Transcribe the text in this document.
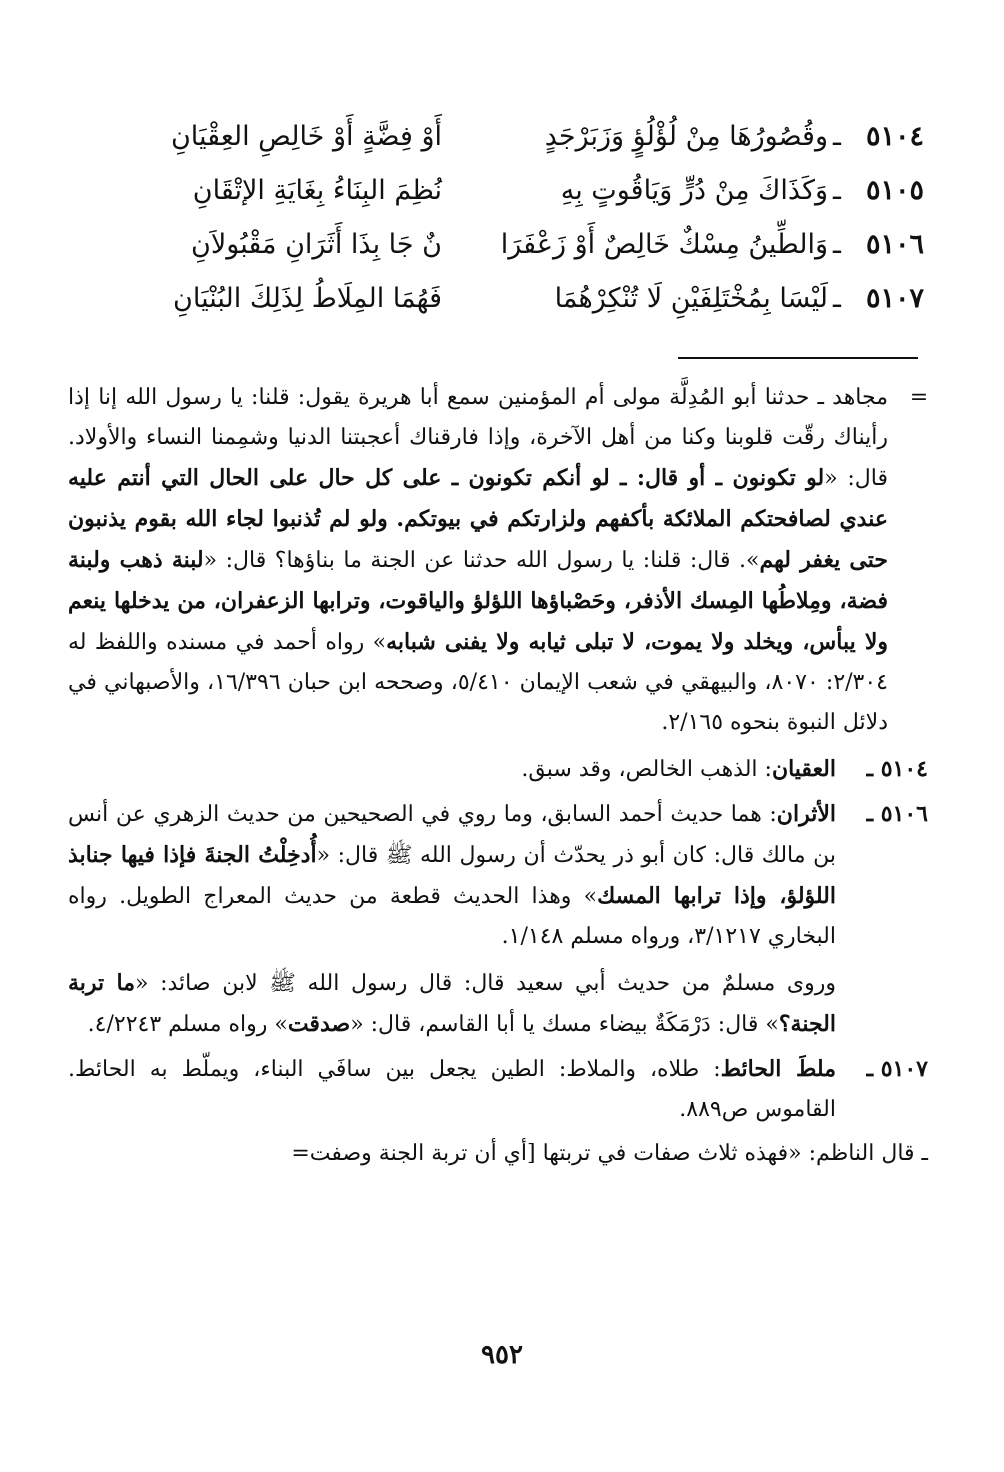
٥١٠٤
ـ
وقُصُورُهَا مِنْ لُؤْلُؤٍ وَزَبَرْجَدٍ
أَوْ فِضَّةٍ أَوْ خَالِصِ العِقْيَانِ
٥١٠٥
ـ
وَكَذَاكَ مِنْ دُرٍّ وَيَاقُوتٍ بِهِ
نُظِمَ البِنَاءُ بِغَايَةِ الإتْقَانِ
٥١٠٦
ـ
وَالطِّينُ مِسْكٌ خَالِصٌ أَوْ زَعْفَرَا
نٌ جَا بِذَا أَثَرَانِ مَقْبُولاَنِ
٥١٠٧
ـ
لَيْسَا بِمُخْتَلِفَيْنِ لَا تُنْكِرْهُمَا
فَهُمَا المِلَاطُ لِذَلِكَ البُنْيَانِ

=
مجاهد ـ حدثنا أبو المُدِلَّة مولى أم المؤمنين سمع أبا هريرة يقول: قلنا: يا رسول الله إنا إذا رأيناك رقّت قلوبنا وكنا من أهل الآخرة، وإذا فارقناك أعجبتنا الدنيا وشمِمنا النساء والأولاد. قال: «لو تكونون ـ أو قال: ـ لو أنكم تكونون ـ على كل حال على الحال التي أنتم عليه عندي لصافحتكم الملائكة بأكفهم ولزارتكم في بيوتكم. ولو لم تُذنبوا لجاء الله بقوم يذنبون حتى يغفر لهم». قال: قلنا: يا رسول الله حدثنا عن الجنة ما بناؤها؟ قال: «لبنة ذهب ولبنة فضة، ومِلاطُها المِسك الأذفر، وحَصْباؤها اللؤلؤ والياقوت، وترابها الزعفران، من يدخلها ينعم ولا يبأس، ويخلد ولا يموت، لا تبلى ثيابه ولا يفنى شبابه» رواه أحمد في مسنده واللفظ له ٢/٣٠٤: ٨٠٧٠، والبيهقي في شعب الإيمان ٥/٤١٠، وصححه ابن حبان ١٦/٣٩٦، والأصبهاني في دلائل النبوة بنحوه ٢/١٦٥.

٥١٠٤ ـ
العقيان: الذهب الخالص، وقد سبق.
٥١٠٦ ـ
الأثران: هما حديث أحمد السابق، وما روي في الصحيحين من حديث الزهري عن أنس بن مالك قال: كان أبو ذر يحدّث أن رسول الله ﷺ قال: «أُدخِلْتُ الجنةَ فإذا فيها جنابذ اللؤلؤ، وإذا ترابها المسك» وهذا الحديث قطعة من حديث المعراج الطويل. رواه البخاري ٣/١٢١٧، ورواه مسلم ١/١٤٨.

وروى مسلمٌ من حديث أبي سعيد قال: قال رسول الله ﷺ لابن صائد: «ما تربة الجنة؟» قال: دَرْمَكَةٌ بيضاء مسك يا أبا القاسم، قال: «صدقت» رواه مسلم ٤/٢٢٤٣.

٥١٠٧ ـ
ملطَ الحائط: طلاه، والملاط: الطين يجعل بين سافَي البناء، ويملّط به الحائط. القاموس ص٨٨٩.

ـ قال الناظم: «فهذه ثلاث صفات في تربتها [أي أن تربة الجنة وصفت=

٩٥٢
